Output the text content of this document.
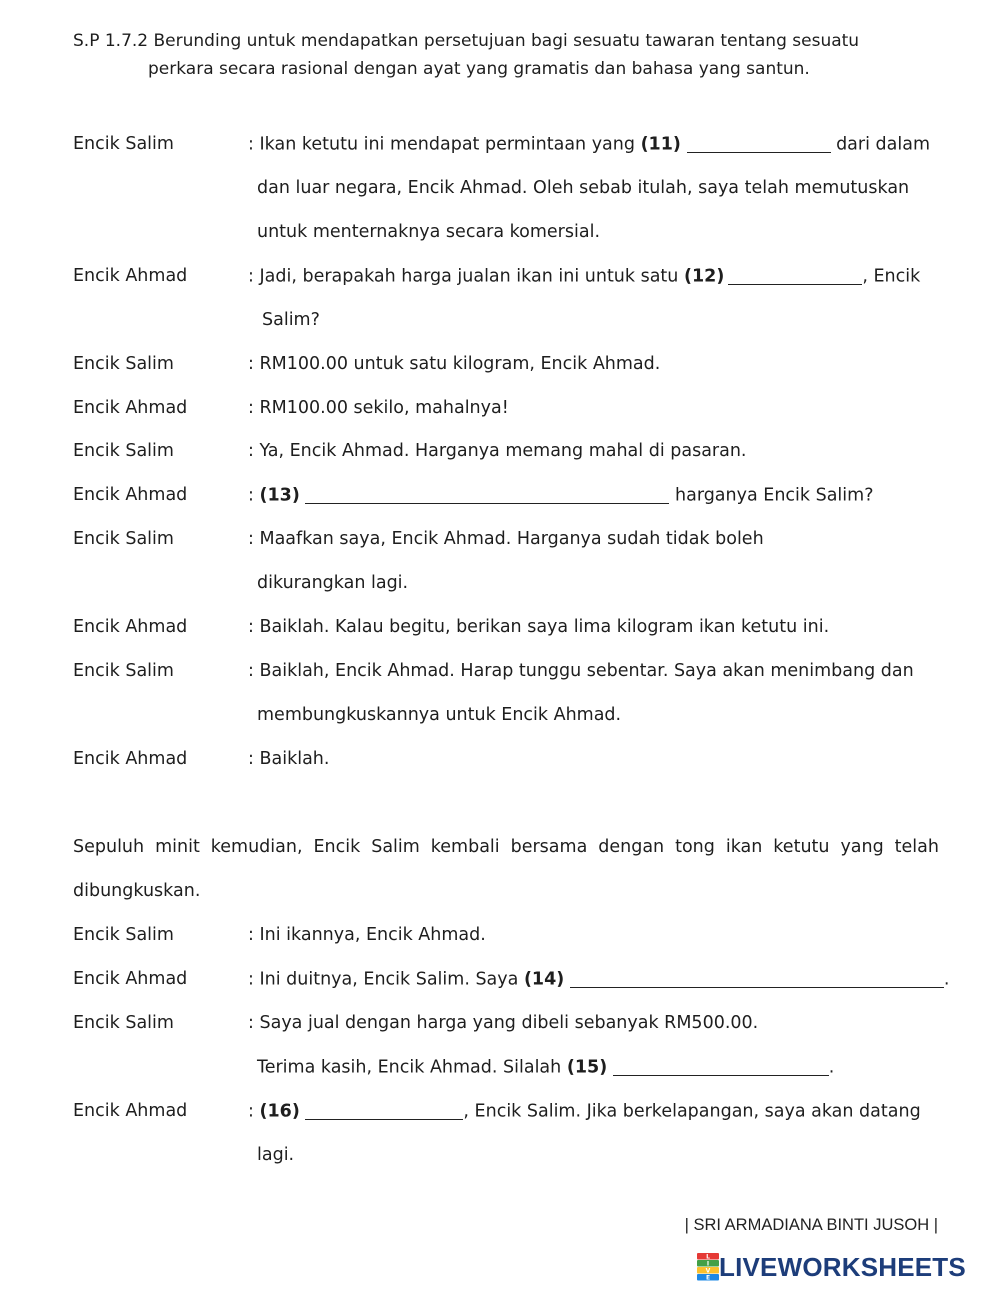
S.P 1.7.2 Berunding untuk mendapatkan persetujuan bagi sesuatu tawaran tentang sesuatu
perkara secara rasional dengan ayat yang gramatis dan bahasa yang santun.
Encik Salim	: Ikan ketutu ini mendapat permintaan yang (11)	dari dalam
dan luar negara, Encik Ahmad. Oleh sebab itulah, saya telah memutuskan
untuk menternaknya secara komersial.
Encik Ahmad	: Jadi, berapakah harga jualan ikan ini untuk satu (12)	, Encik
Salim?
Encik Salim	: RM100.00 untuk satu kilogram, Encik Ahmad.
Encik Ahmad	: RM100.00 sekilo, mahalnya!
Encik Salim	: Ya, Encik Ahmad. Harganya memang mahal di pasaran.
Encik Ahmad	: (13)	harganya Encik Salim?
Encik Salim	: Maafkan saya, Encik Ahmad. Harganya sudah tidak boleh
dikurangkan lagi.
Encik Ahmad	: Baiklah. Kalau begitu, berikan saya lima kilogram ikan ketutu ini.
Encik Salim	: Baiklah, Encik Ahmad. Harap tunggu sebentar. Saya akan menimbang dan
membungkuskannya untuk Encik Ahmad.
Encik Ahmad	: Baiklah.
Sepuluh minit kemudian, Encik Salim kembali bersama dengan tong ikan ketutu yang telah
dibungkuskan.
Encik Salim	: Ini ikannya, Encik Ahmad.
Encik Ahmad	: Ini duitnya, Encik Salim. Saya (14)	.
Encik Salim	: Saya jual dengan harga yang dibeli sebanyak RM500.00.
Terima kasih, Encik Ahmad. Silalah (15)	.
Encik Ahmad	: (16)	, Encik Salim. Jika berkelapangan, saya akan datang
lagi.
| SRI ARMADIANA BINTI JUSOH |
L
I
V
E LIVEWORKSHEETS
